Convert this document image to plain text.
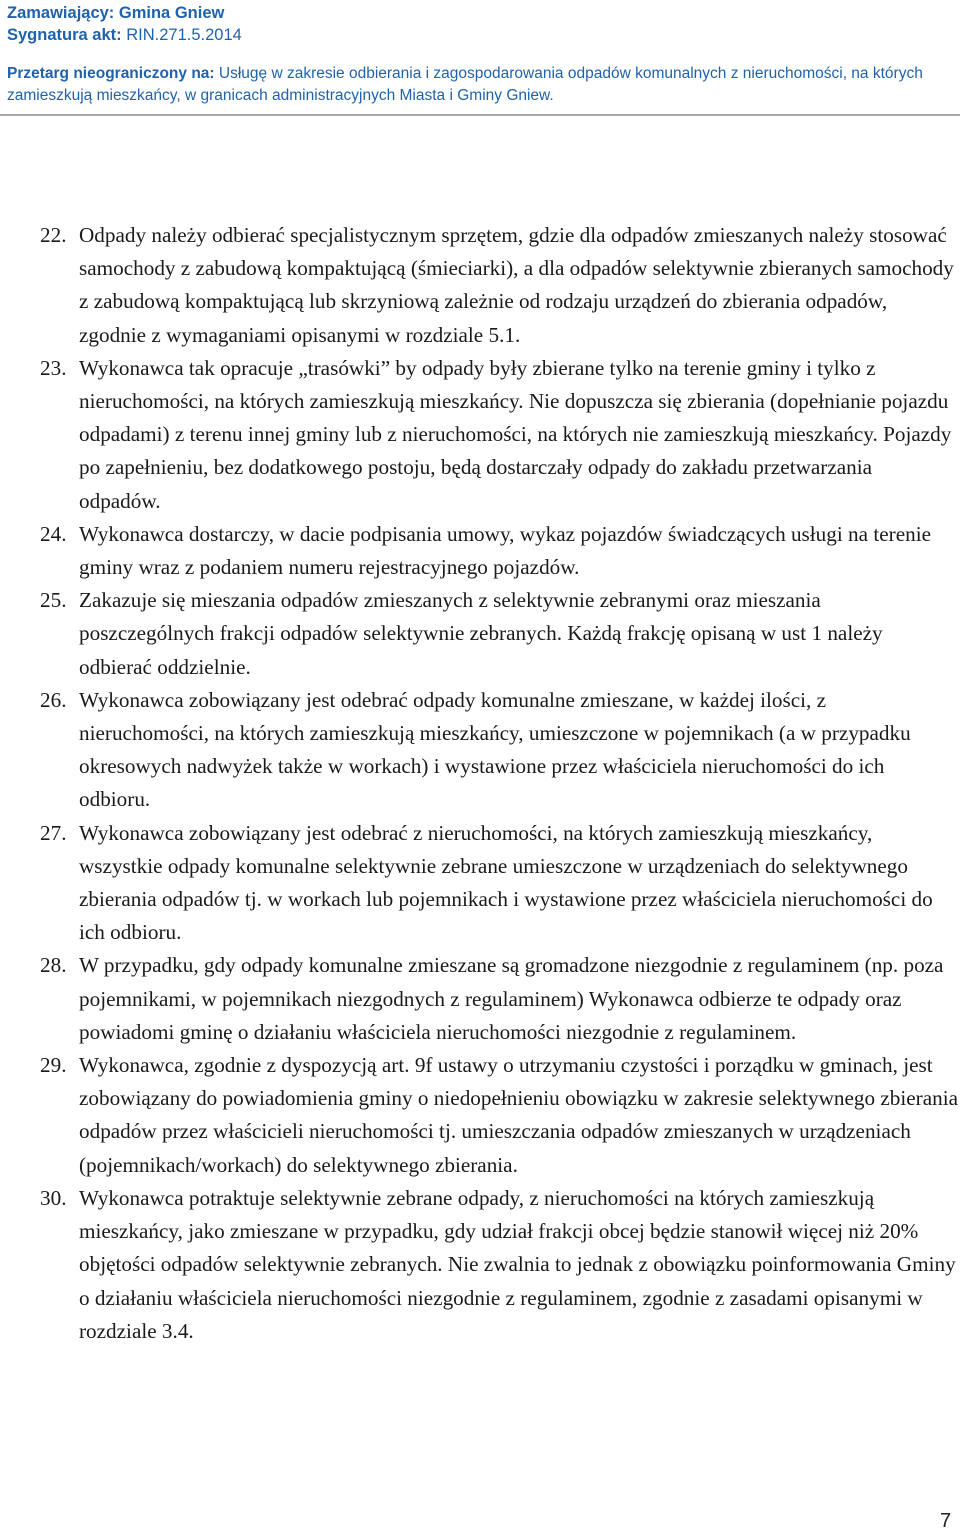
Zamawiający: Gmina Gniew
Sygnatura akt: RIN.271.5.2014
Przetarg nieograniczony na: Usługę w zakresie odbierania i zagospodarowania odpadów komunalnych z nieruchomości, na których zamieszkują mieszkańcy, w granicach administracyjnych Miasta i Gminy Gniew.
22. Odpady należy odbierać specjalistycznym sprzętem, gdzie dla odpadów zmieszanych należy stosować samochody z zabudową kompaktującą (śmieciarki), a dla odpadów selektywnie zbieranych samochody z zabudową kompaktującą lub skrzyniową zależnie od rodzaju urządzeń do zbierania odpadów, zgodnie z wymaganiami opisanymi w rozdziale 5.1.
23. Wykonawca tak opracuje „trasówki” by odpady były zbierane tylko na terenie gminy i tylko z nieruchomości, na których zamieszkują mieszkańcy. Nie dopuszcza się zbierania (dopełnianie pojazdu odpadami) z terenu innej gminy lub z nieruchomości, na których nie zamieszkują mieszkańcy. Pojazdy po zapełnieniu, bez dodatkowego postoju, będą dostarczały odpady do zakładu przetwarzania odpadów.
24. Wykonawca dostarczy, w dacie podpisania umowy, wykaz pojazdów świadczących usługi na terenie gminy wraz z podaniem numeru rejestracyjnego pojazdów.
25. Zakazuje się mieszania odpadów zmieszanych z selektywnie zebranymi oraz mieszania poszczególnych frakcji odpadów selektywnie zebranych. Każdą frakcję opisaną w ust 1 należy odbierać oddzielnie.
26. Wykonawca zobowiązany jest odebrać odpady komunalne zmieszane, w każdej ilości, z nieruchomości, na których zamieszkują mieszkańcy, umieszczone w pojemnikach (a w przypadku okresowych nadwyżek także w workach) i wystawione przez właściciela nieruchomości do ich odbioru.
27. Wykonawca zobowiązany jest odebrać z nieruchomości, na których zamieszkują mieszkańcy, wszystkie odpady komunalne selektywnie zebrane umieszczone w urządzeniach do selektywnego zbierania odpadów tj. w workach lub pojemnikach i wystawione przez właściciela nieruchomości do ich odbioru.
28. W przypadku, gdy odpady komunalne zmieszane są gromadzone niezgodnie z regulaminem (np. poza pojemnikami, w pojemnikach niezgodnych z regulaminem) Wykonawca odbierze te odpady oraz powiadomi gminę o działaniu właściciela nieruchomości niezgodnie z regulaminem.
29. Wykonawca, zgodnie z dyspozycją art. 9f ustawy o utrzymaniu czystości i porządku w gminach, jest zobowiązany do powiadomienia gminy o niedopełnieniu obowiązku w zakresie selektywnego zbierania odpadów przez właścicieli nieruchomości tj. umieszczania odpadów zmieszanych w urządzeniach (pojemnikach/workach) do selektywnego zbierania.
30. Wykonawca potraktuje selektywnie zebrane odpady, z nieruchomości na których zamieszkują mieszkańcy, jako zmieszane w przypadku, gdy udział frakcji obcej będzie stanowił więcej niż 20% objętości odpadów selektywnie zebranych. Nie zwalnia to jednak z obowiązku poinformowania Gminy o działaniu właściciela nieruchomości niezgodnie z regulaminem, zgodnie z zasadami opisanymi w rozdziale 3.4.
7
